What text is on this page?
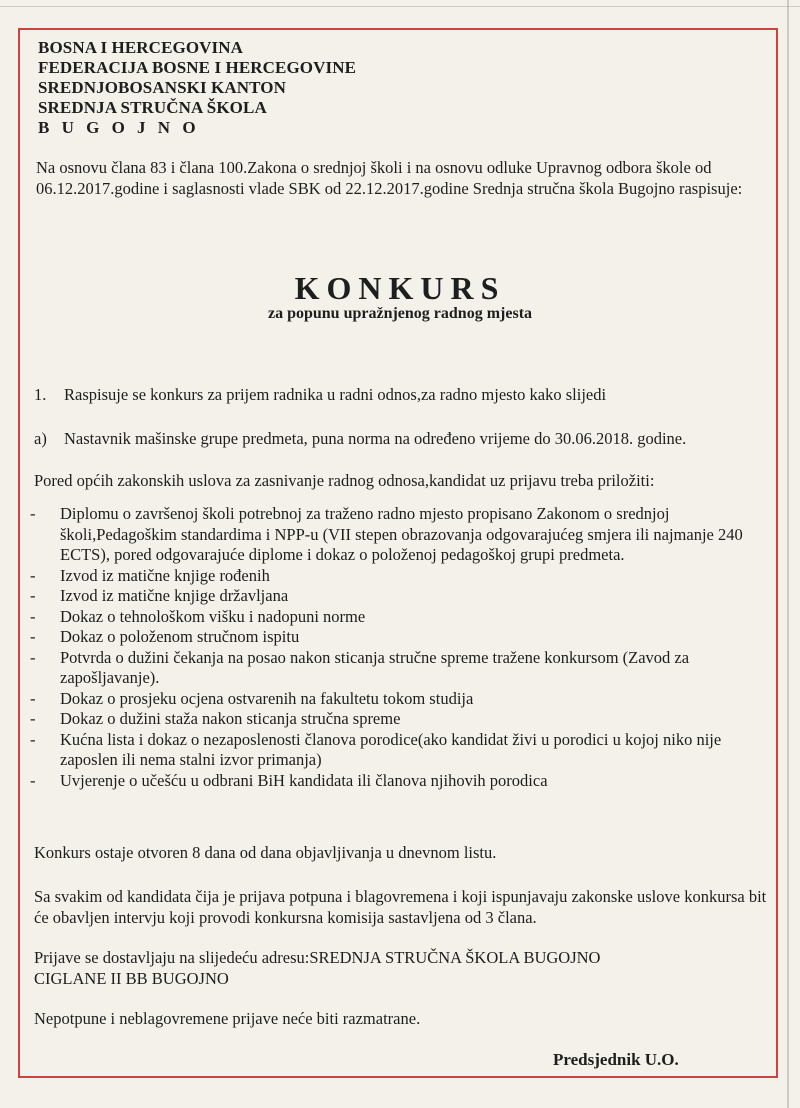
BOSNA I HERCEGOVINA
FEDERACIJA BOSNE I HERCEGOVINE
SREDNJOBOSANSKI KANTON
SREDNJA STRUČNA ŠKOLA
B U G O J N O
Na osnovu člana 83 i člana 100.Zakona o srednjoj školi i na osnovu odluke Upravnog odbora škole od 06.12.2017.godine i saglasnosti vlade SBK od 22.12.2017.godine Srednja stručna škola Bugojno raspisuje:
KONKURS
za popunu upražnjenog radnog mjesta
1.	Raspisuje se konkurs za prijem radnika u radni odnos,za radno mjesto kako slijedi
a)	Nastavnik mašinske grupe predmeta, puna norma na određeno vrijeme do 30.06.2018. godine.
Pored općih zakonskih uslova za zasnivanje radnog odnosa,kandidat uz prijavu treba priložiti:
-	Diplomu o završenoj školi potrebnoj za traženo radno mjesto propisano Zakonom o srednjoj školi,Pedagoškim standardima i NPP-u (VII stepen obrazovanja odgovarajućeg smjera ili najmanje 240 ECTS), pored odgovarajuće diplome i dokaz o položenoj pedagoškoj grupi predmeta.
-	Izvod iz matične knjige rođenih
-	Izvod iz matične knjige državljana
-	Dokaz o tehnološkom višku i nadopuni norme
-	Dokaz o položenom stručnom ispitu
-	Potvrda o dužini čekanja na posao nakon sticanja stručne spreme tražene konkursom (Zavod za zapošljavanje).
-	Dokaz o prosjeku ocjena ostvarenih na fakultetu tokom studija
-	Dokaz o dužini staža nakon sticanja stručna spreme
-	Kućna lista i dokaz o nezaposlenosti članova porodice(ako kandidat živi u porodici u kojoj niko nije zaposlen ili nema stalni izvor primanja)
-	Uvjerenje o učešću u odbrani BiH kandidata ili članova njihovih porodica
Konkurs ostaje otvoren 8 dana od dana objavljivanja u dnevnom listu.
Sa svakim od kandidata čija je prijava potpuna i blagovremena i koji ispunjavaju zakonske uslove konkursa bit će obavljen intervju koji provodi konkursna komisija sastavljena od 3 člana.
Prijave se dostavljaju na slijedeću adresu:SREDNJA STRUČNA ŠKOLA BUGOJNO
CIGLANE II BB BUGOJNO
Nepotpune i neblagovremene prijave neće biti razmatrane.
Predsjednik U.O.
